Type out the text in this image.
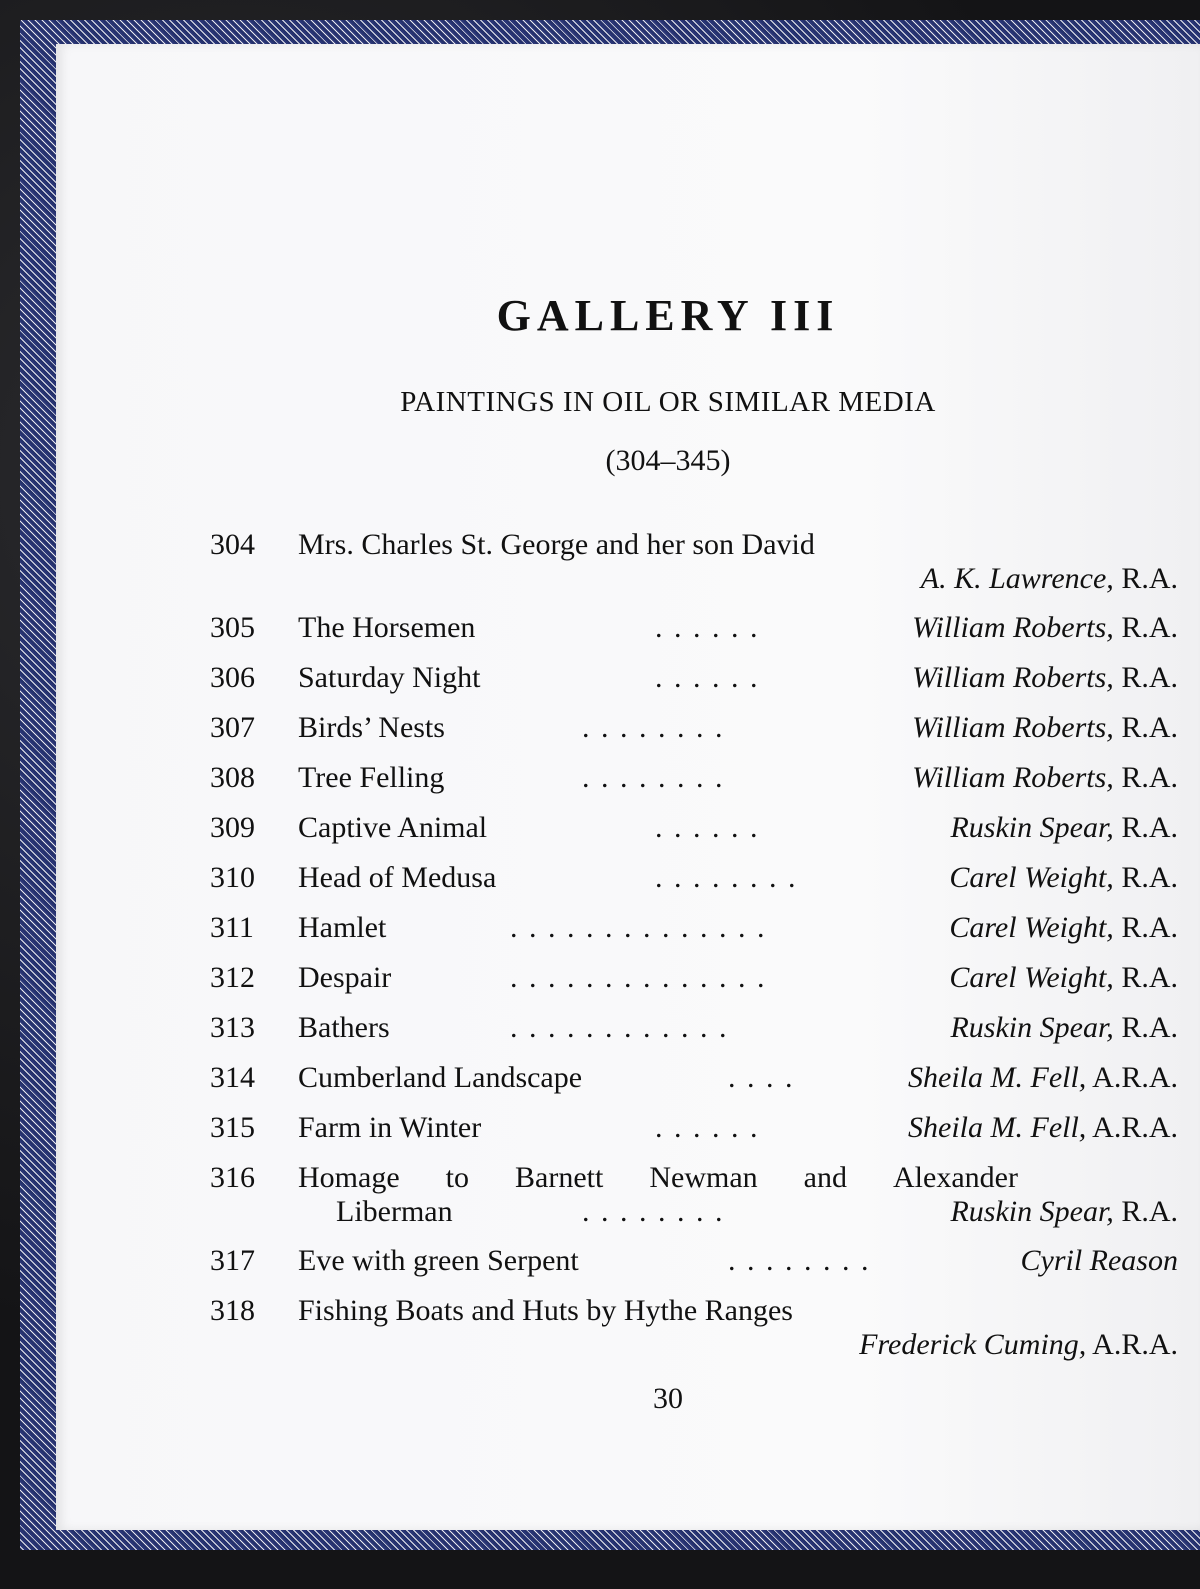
GALLERY III
PAINTINGS IN OIL OR SIMILAR MEDIA
(304–345)
304	Mrs. Charles St. George and her son David
A. K. Lawrence, R.A.
305	The Horsemen	. . . . . .	William Roberts, R.A.
306	Saturday Night	. . . . . .	William Roberts, R.A.
307	Birds’ Nests	. . . . . . . .	William Roberts, R.A.
308	Tree Felling	. . . . . . . .	William Roberts, R.A.
309	Captive Animal	. . . . . .	Ruskin Spear, R.A.
310	Head of Medusa	. . . . . . . .	Carel Weight, R.A.
311	Hamlet	. . . . . . . . . . . . . .	Carel Weight, R.A.
312	Despair	. . . . . . . . . . . . . .	Carel Weight, R.A.
313	Bathers	. . . . . . . . . . . .	Ruskin Spear, R.A.
314	Cumberland Landscape	. . . .	Sheila M. Fell, A.R.A.
315	Farm in Winter	. . . . . .	Sheila M. Fell, A.R.A.
316	Homage to Barnett Newman and Alexander
Liberman	. . . . . . . .	Ruskin Spear, R.A.
317	Eve with green Serpent	. . . . . . . .	Cyril Reason
318	Fishing Boats and Huts by Hythe Ranges
Frederick Cuming, A.R.A.
30
